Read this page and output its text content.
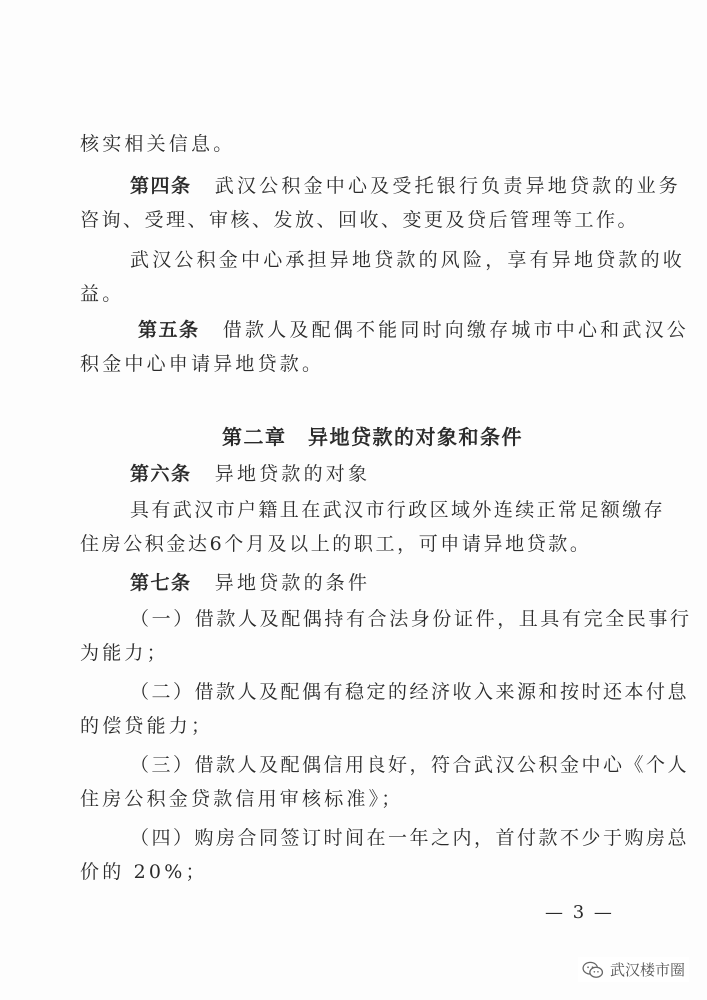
核实相关信息。
第四条 武汉公积金中心及受托银行负责异地贷款的业务
咨询、受理、审核、发放、回收、变更及贷后管理等工作。
武汉公积金中心承担异地贷款的风险，享有异地贷款的收
益。
第五条 借款人及配偶不能同时向缴存城市中心和武汉公
积金中心申请异地贷款。
第二章　异地贷款的对象和条件
第六条 异地贷款的对象
具有武汉市户籍且在武汉市行政区域外连续正常足额缴存
住房公积金达6个月及以上的职工，可申请异地贷款。
第七条 异地贷款的条件
（一）借款人及配偶持有合法身份证件，且具有完全民事行
为能力；
（二）借款人及配偶有稳定的经济收入来源和按时还本付息
的偿贷能力；
（三）借款人及配偶信用良好，符合武汉公积金中心《个人
住房公积金贷款信用审核标准》；
（四）购房合同签订时间在一年之内，首付款不少于购房总
价的 20%；
— 3 —
武汉楼市圈
